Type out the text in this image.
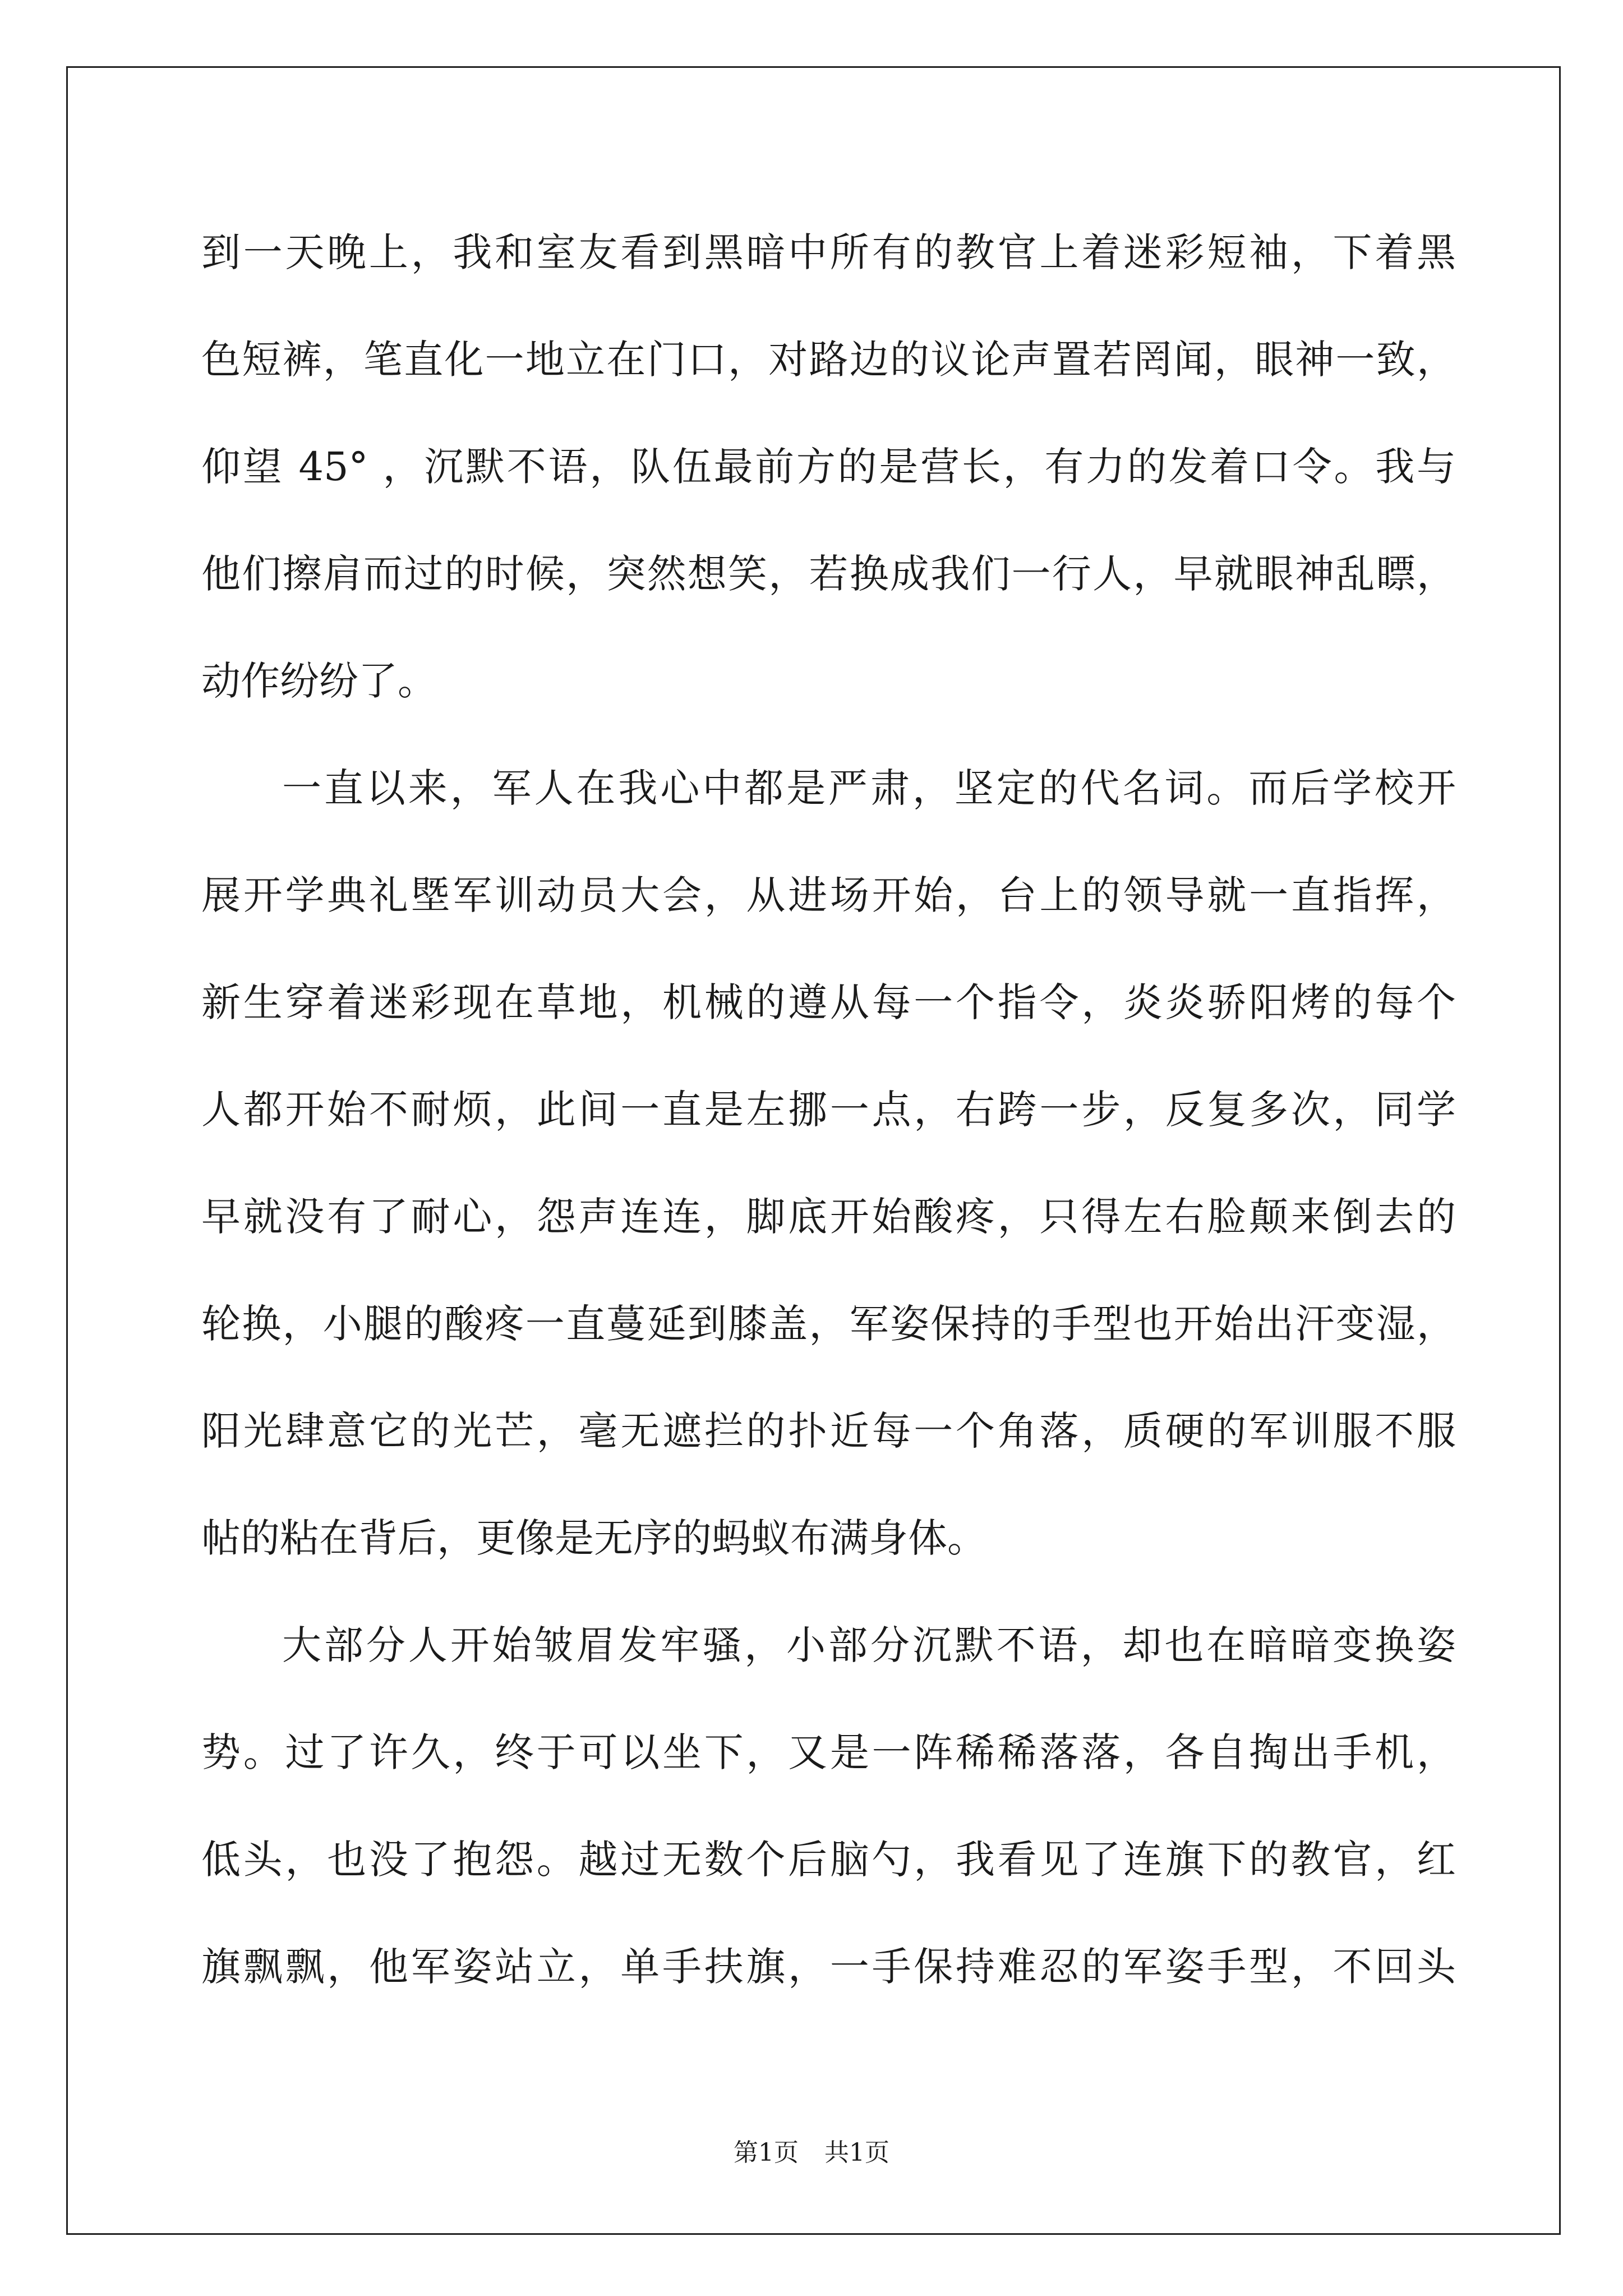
到一天晚上，我和室友看到黑暗中所有的教官上着迷彩短袖，下着黑
色短裤，笔直化一地立在门口，对路边的议论声置若罔闻，眼神一致，
仰望 45° ，沉默不语，队伍最前方的是营长，有力的发着口令。我与
他们擦肩而过的时候，突然想笑，若换成我们一行人，早就眼神乱瞟，
动作纷纷了。
一直以来，军人在我心中都是严肃，坚定的代名词。而后学校开
展开学典礼塈军训动员大会，从进场开始，台上的领导就一直指挥，
新生穿着迷彩现在草地，机械的遵从每一个指令，炎炎骄阳烤的每个
人都开始不耐烦，此间一直是左挪一点，右跨一步，反复多次，同学
早就没有了耐心，怨声连连，脚底开始酸疼，只得左右脸颠来倒去的
轮换，小腿的酸疼一直蔓延到膝盖，军姿保持的手型也开始出汗变湿，
阳光肆意它的光芒，毫无遮拦的扑近每一个角落，质硬的军训服不服
帖的粘在背后，更像是无序的蚂蚁布满身体。
大部分人开始皱眉发牢骚，小部分沉默不语，却也在暗暗变换姿
势。过了许久，终于可以坐下，又是一阵稀稀落落，各自掏出手机，
低头，也没了抱怨。越过无数个后脑勺，我看见了连旗下的教官，红
旗飘飘，他军姿站立，单手扶旗，一手保持难忍的军姿手型，不回头
第1页 共1页
